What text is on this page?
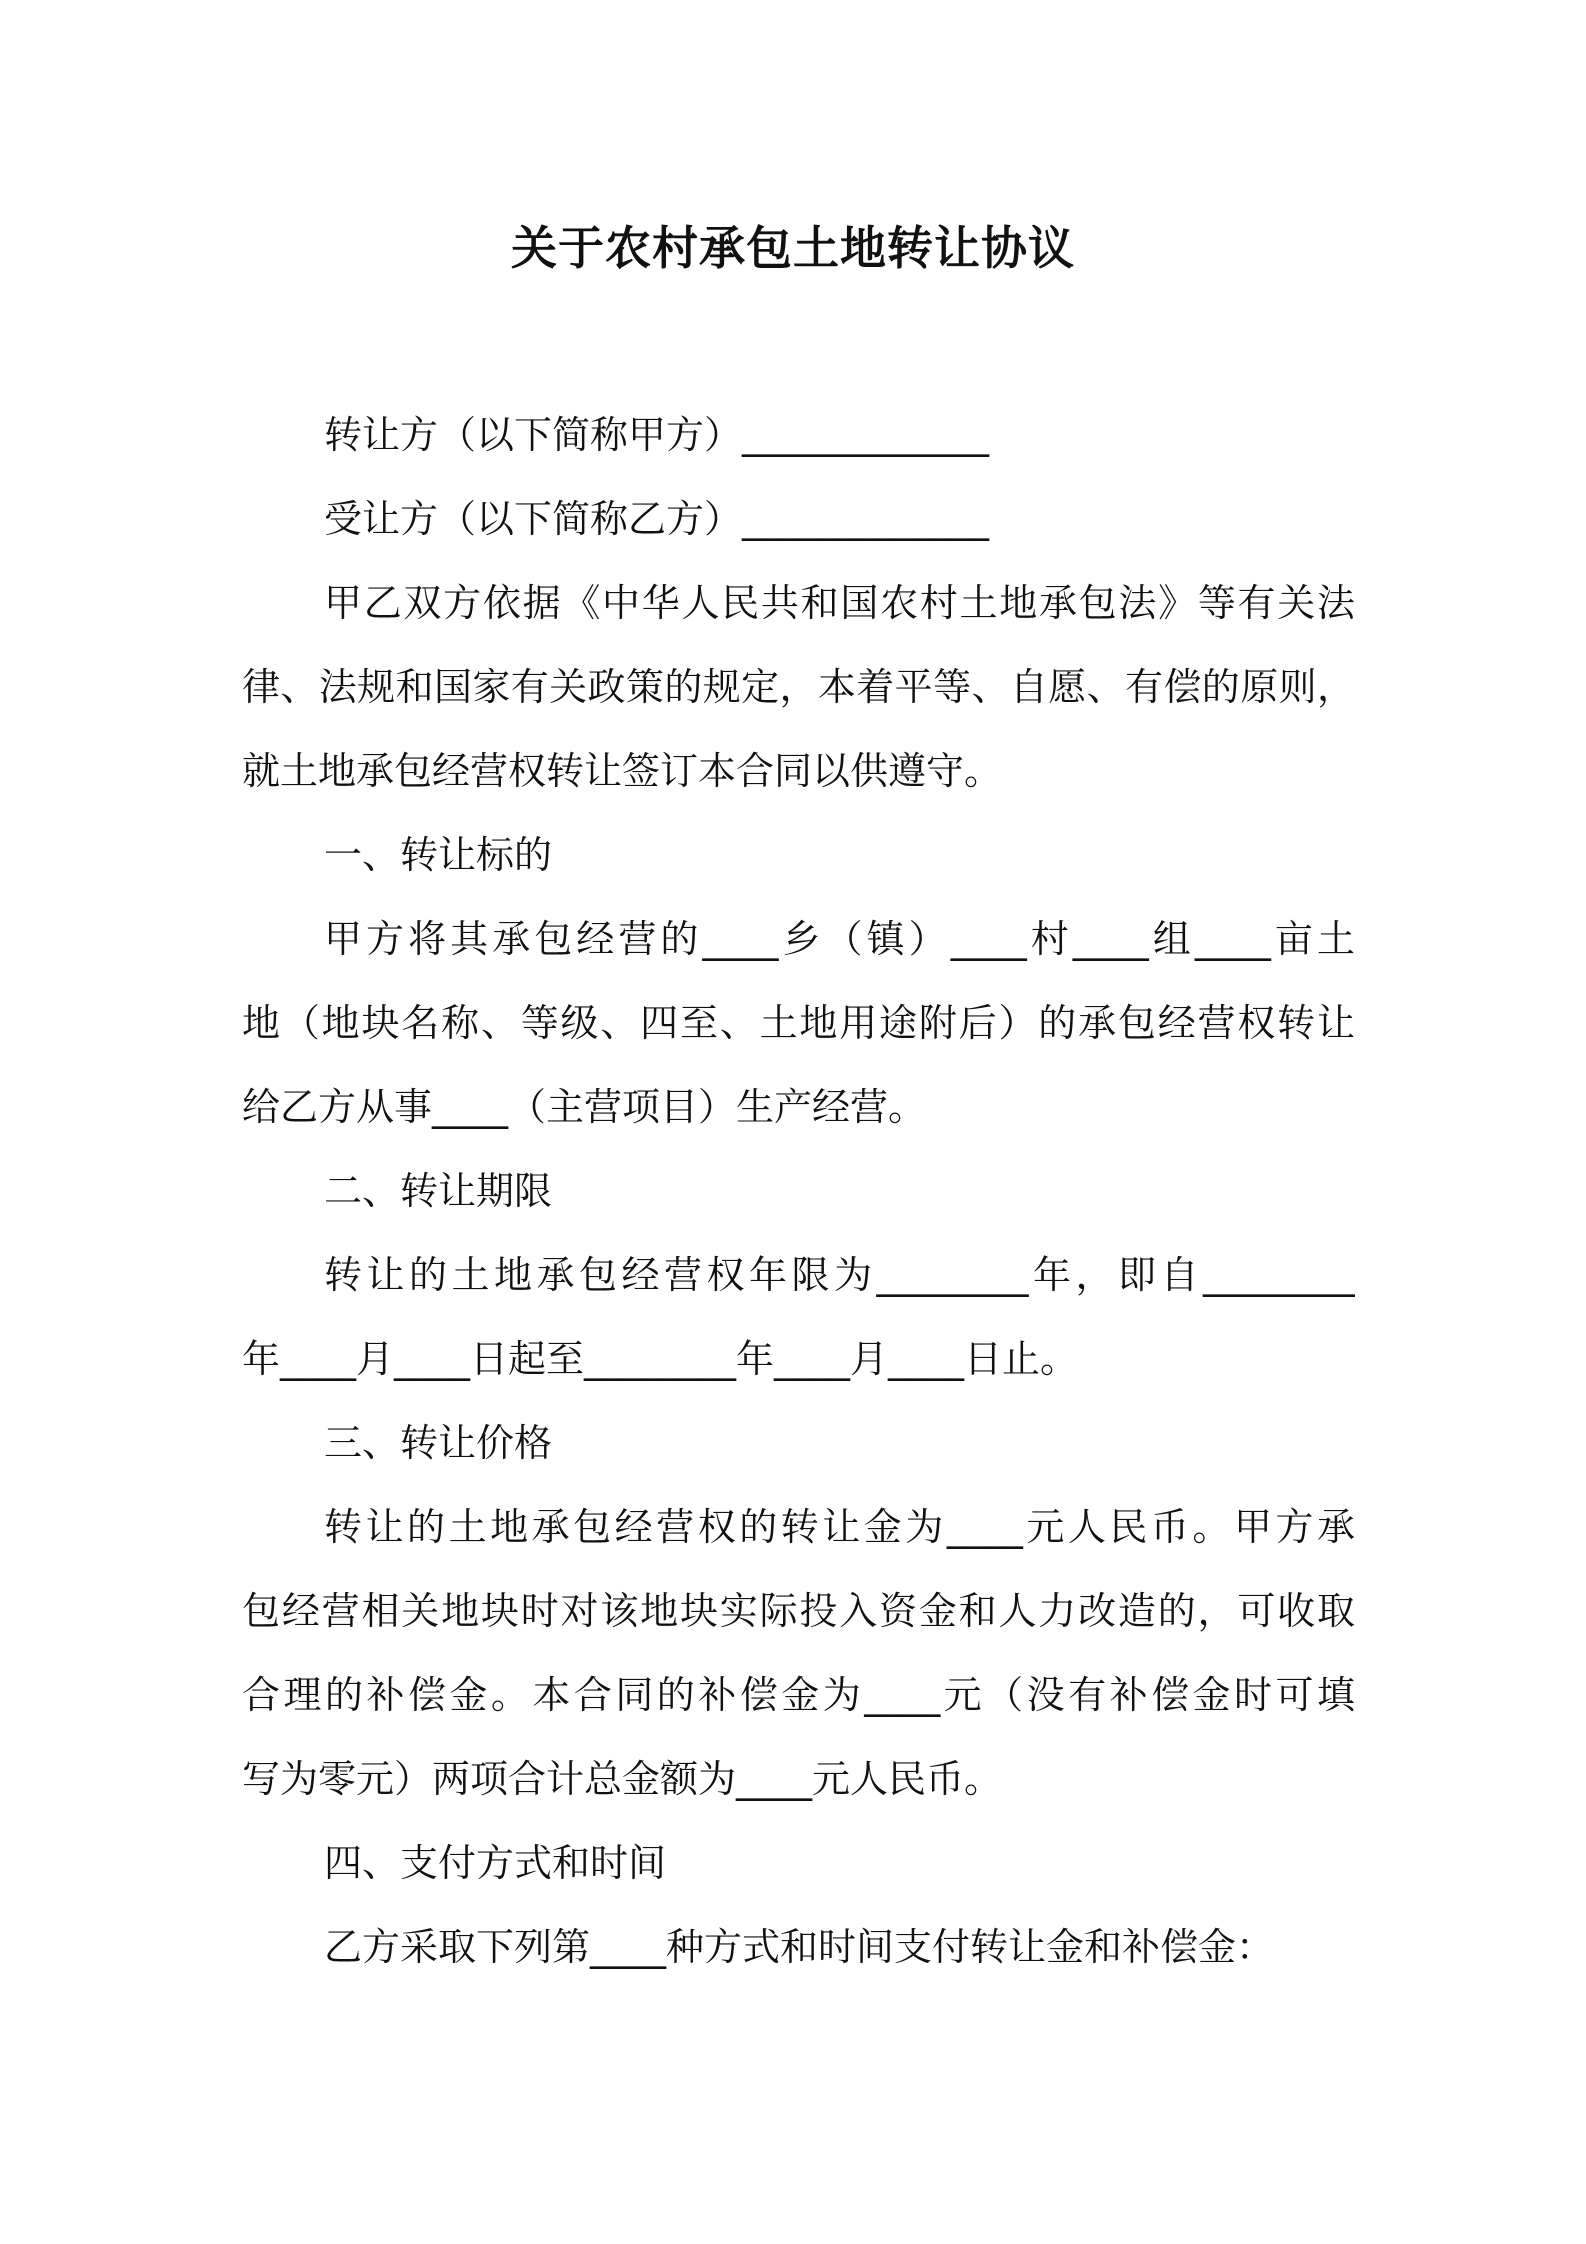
关于农村承包土地转让协议
转让方（以下简称甲方）_____________
受让方（以下简称乙方）_____________
甲乙双方依据《中华人民共和国农村土地承包法》等有关法
律、法规和国家有关政策的规定，本着平等、自愿、有偿的原则，
就土地承包经营权转让签订本合同以供遵守。
一、转让标的
甲方将其承包经营的____乡（镇）____村____组____亩土
地（地块名称、等级、四至、土地用途附后）的承包经营权转让
给乙方从事____（主营项目）生产经营。
二、转让期限
转让的土地承包经营权年限为________年，即自________
年____月____日起至________年____月____日止。
三、转让价格
转让的土地承包经营权的转让金为____元人民币。甲方承
包经营相关地块时对该地块实际投入资金和人力改造的，可收取
合理的补偿金。本合同的补偿金为____元（没有补偿金时可填
写为零元）两项合计总金额为____元人民币。
四、支付方式和时间
乙方采取下列第____种方式和时间支付转让金和补偿金：
